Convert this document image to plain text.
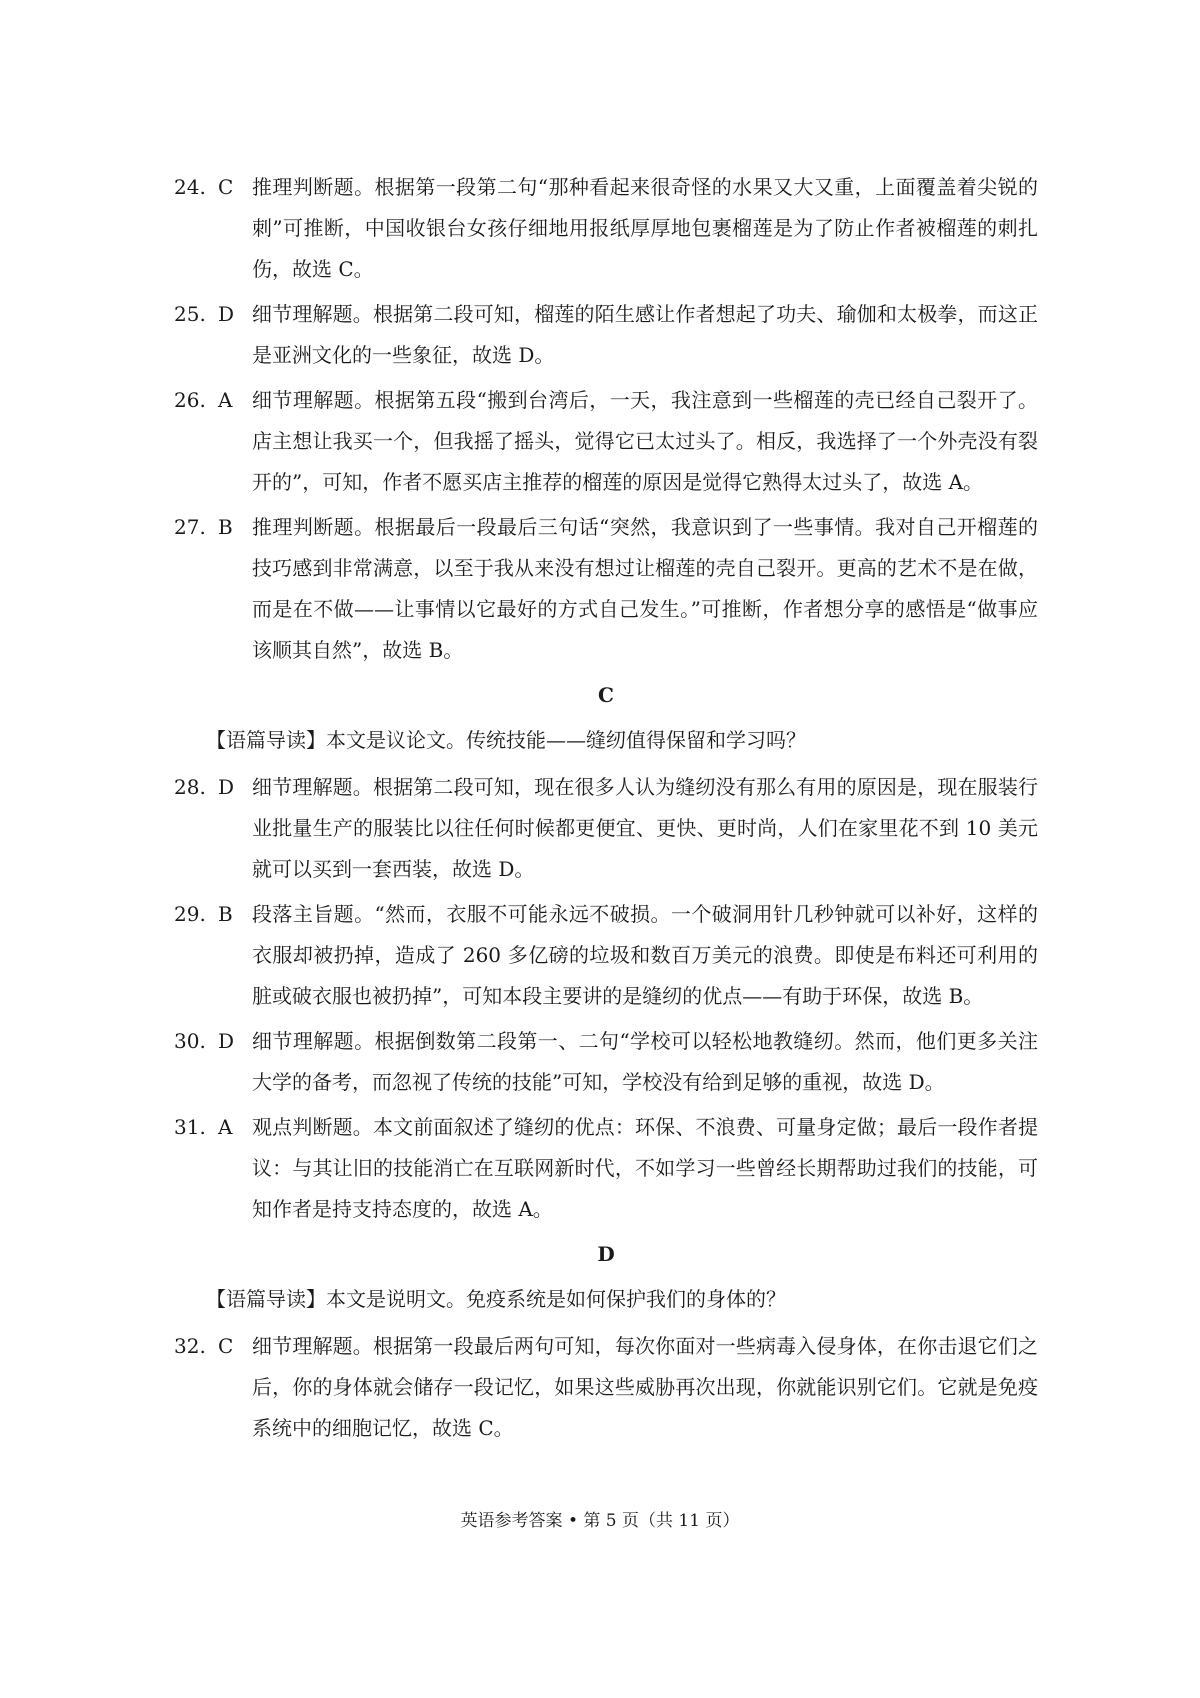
24. C 推理判断题。根据第一段第二句“那种看起来很奇怪的水果又大又重，上面覆盖着尖锐的刺”可推断，中国收银台女孩仔细地用报纸厚厚地包裹榴莲是为了防止作者被榴莲的刺扎伤，故选 C。
25. D 细节理解题。根据第二段可知，榴莲的陌生感让作者想起了功夫、瑜伽和太极拳，而这正是亚洲文化的一些象征，故选 D。
26. A 细节理解题。根据第五段“搬到台湾后，一天，我注意到一些榴莲的壳已经自己裂开了。店主想让我买一个，但我摇了摇头，觉得它已太过头了。相反，我选择了一个外壳没有裂开的”，可知，作者不愿买店主推荐的榴莲的原因是觉得它熟得太过头了，故选 A。
27. B 推理判断题。根据最后一段最后三句话“突然，我意识到了一些事情。我对自己开榴莲的技巧感到非常满意，以至于我从来没有想过让榴莲的壳自己裂开。更高的艺术不是在做，而是在不做——让事情以它最好的方式自己发生。”可推断，作者想分享的感悟是“做事应该顺其自然”，故选 B。
C
【语篇导读】本文是议论文。传统技能——缝纫值得保留和学习吗？
28. D 细节理解题。根据第二段可知，现在很多人认为缝纫没有那么有用的原因是，现在服装行业批量生产的服装比以往任何时候都更便宜、更快、更时尚，人们在家里花不到 10 美元就可以买到一套西装，故选 D。
29. B 段落主旨题。“然而，衣服不可能永远不破损。一个破洞用针几秒钟就可以补好，这样的衣服却被扔掉，造成了 260 多亿磅的垃圾和数百万美元的浪费。即使是布料还可利用的脏或破衣服也被扔掉”，可知本段主要讲的是缝纫的优点——有助于环保，故选 B。
30. D 细节理解题。根据倒数第二段第一、二句“学校可以轻松地教缝纫。然而，他们更多关注大学的备考，而忽视了传统的技能”可知，学校没有给到足够的重视，故选 D。
31. A 观点判断题。本文前面叙述了缝纫的优点：环保、不浪费、可量身定做；最后一段作者提议：与其让旧的技能消亡在互联网新时代，不如学习一些曾经长期帮助过我们的技能，可知作者是持支持态度的，故选 A。
D
【语篇导读】本文是说明文。免疫系统是如何保护我们的身体的？
32. C 细节理解题。根据第一段最后两句可知，每次你面对一些病毒入侵身体，在你击退它们之后，你的身体就会储存一段记忆，如果这些威胁再次出现，你就能识别它们。它就是免疫系统中的细胞记忆，故选 C。
英语参考答案 • 第 5 页（共 11 页）
